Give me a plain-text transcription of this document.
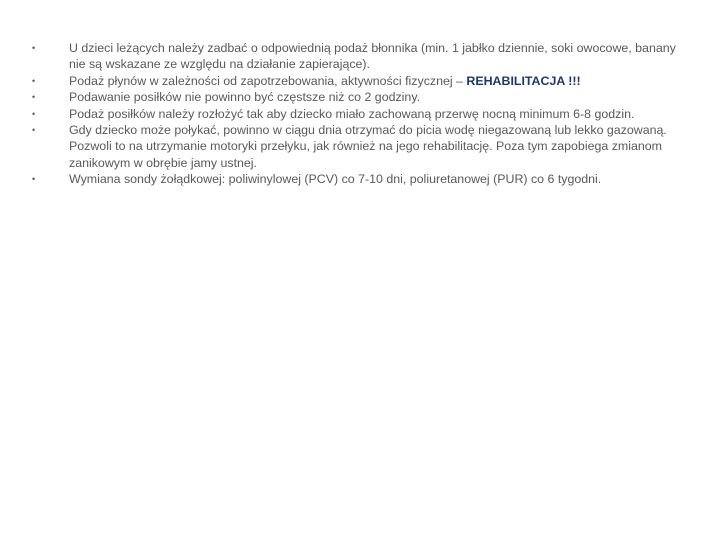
•	U dzieci leżących należy zadbać o odpowiednią podaż błonnika (min. 1 jabłko dziennie, soki owocowe, banany nie są wskazane ze względu na działanie zapierające).
•	Podaż płynów w zależności od zapotrzebowania, aktywności fizycznej – REHABILITACJA !!!
•	Podawanie posiłków nie powinno być częstsze niż co 2 godziny.
•	Podaż posiłków należy rozłożyć tak aby dziecko miało zachowaną przerwę nocną minimum 6-8 godzin.
•	Gdy dziecko może połykać, powinno w ciągu dnia otrzymać do picia wodę niegazowaną lub lekko gazowaną. Pozwoli to na utrzymanie motoryki przełyku, jak również na jego rehabilitację. Poza tym zapobiega zmianom zanikowym w obrębie jamy ustnej.
•	Wymiana sondy żołądkowej: poliwinylowej (PCV) co 7-10 dni, poliuretanowej (PUR) co 6 tygodni.
